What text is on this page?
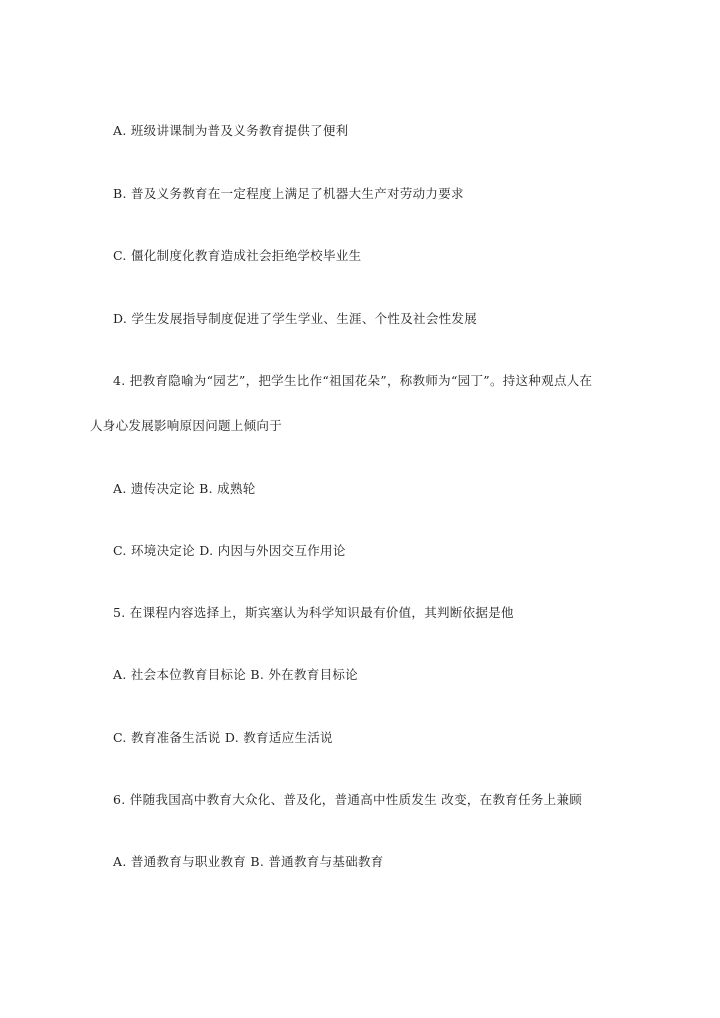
A. 班级讲课制为普及义务教育提供了便利
B. 普及义务教育在一定程度上满足了机器大生产对劳动力要求
C. 僵化制度化教育造成社会拒绝学校毕业生
D. 学生发展指导制度促进了学生学业、生涯、个性及社会性发展
4. 把教育隐喻为“园艺”，把学生比作“祖国花朵”，称教师为“园丁”。持这种观点人在
人身心发展影响原因问题上倾向于
A. 遗传决定论 B. 成熟轮
C. 环境决定论 D. 内因与外因交互作用论
5. 在课程内容选择上，斯宾塞认为科学知识最有价值，其判断依据是他
A. 社会本位教育目标论 B. 外在教育目标论
C. 教育准备生活说 D. 教育适应生活说
6. 伴随我国高中教育大众化、普及化，普通高中性质发生 改变，在教育任务上兼顾
A. 普通教育与职业教育 B. 普通教育与基础教育
